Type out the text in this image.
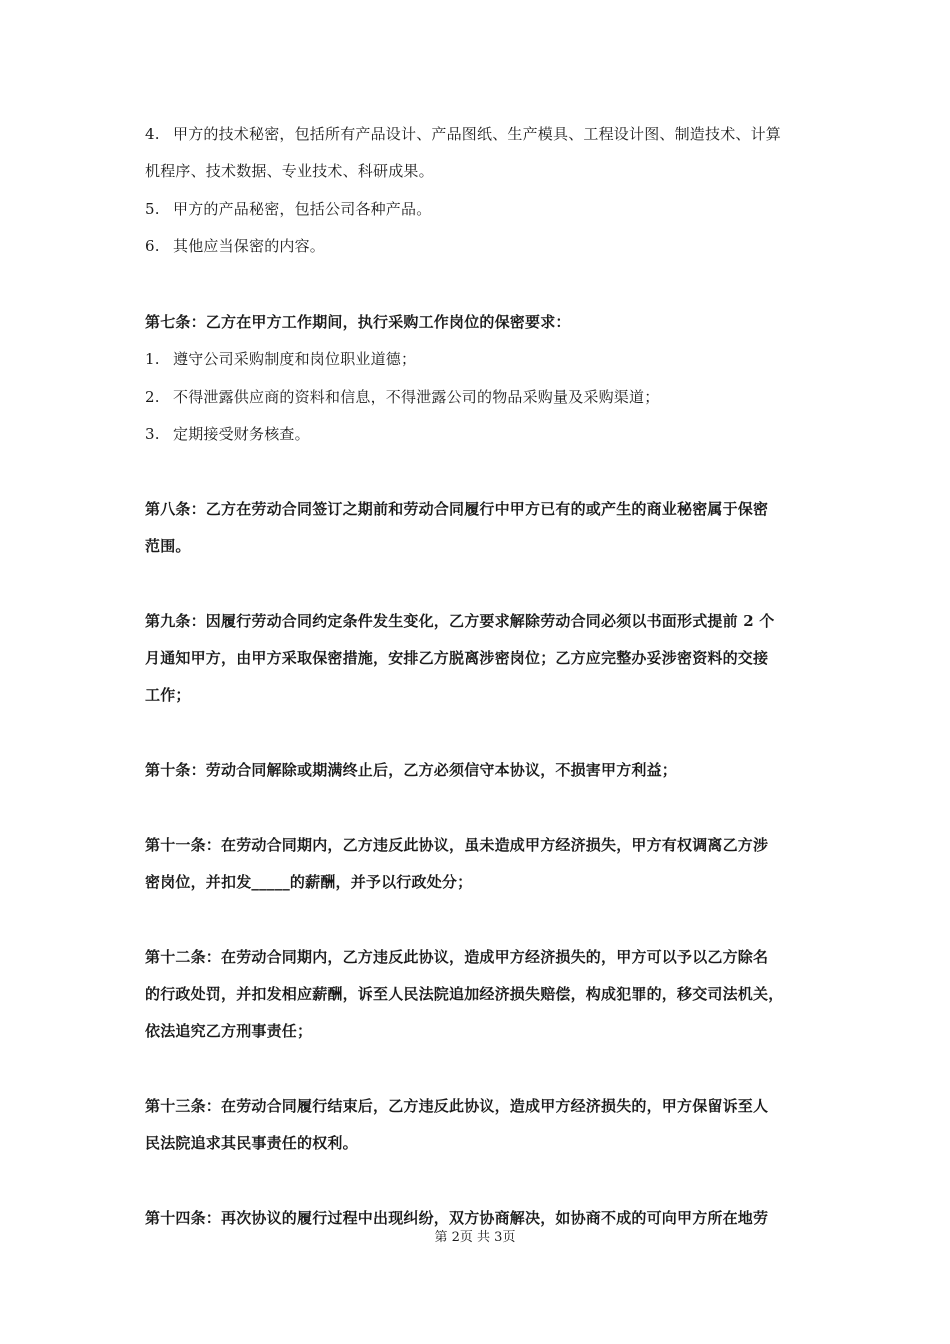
4. 甲方的技术秘密，包括所有产品设计、产品图纸、生产模具、工程设计图、制造技术、计算
机程序、技术数据、专业技术、科研成果。
5. 甲方的产品秘密，包括公司各种产品。
6. 其他应当保密的内容。
第七条：乙方在甲方工作期间，执行采购工作岗位的保密要求：
1. 遵守公司采购制度和岗位职业道德；
2. 不得泄露供应商的资料和信息，不得泄露公司的物品采购量及采购渠道；
3. 定期接受财务核查。
第八条：乙方在劳动合同签订之期前和劳动合同履行中甲方已有的或产生的商业秘密属于保密
范围。
第九条：因履行劳动合同约定条件发生变化，乙方要求解除劳动合同必须以书面形式提前 2 个
月通知甲方，由甲方采取保密措施，安排乙方脱离涉密岗位；乙方应完整办妥涉密资料的交接
工作；
第十条：劳动合同解除或期满终止后，乙方必须信守本协议，不损害甲方利益；
第十一条：在劳动合同期内，乙方违反此协议，虽未造成甲方经济损失，甲方有权调离乙方涉
密岗位，并扣发_____的薪酬，并予以行政处分；
第十二条：在劳动合同期内，乙方违反此协议，造成甲方经济损失的，甲方可以予以乙方除名
的行政处罚，并扣发相应薪酬，诉至人民法院追加经济损失赔偿，构成犯罪的，移交司法机关，
依法追究乙方刑事责任；
第十三条：在劳动合同履行结束后，乙方违反此协议，造成甲方经济损失的，甲方保留诉至人
民法院追求其民事责任的权利。
第十四条：再次协议的履行过程中出现纠纷，双方协商解决，如协商不成的可向甲方所在地劳
第 2页 共 3页
